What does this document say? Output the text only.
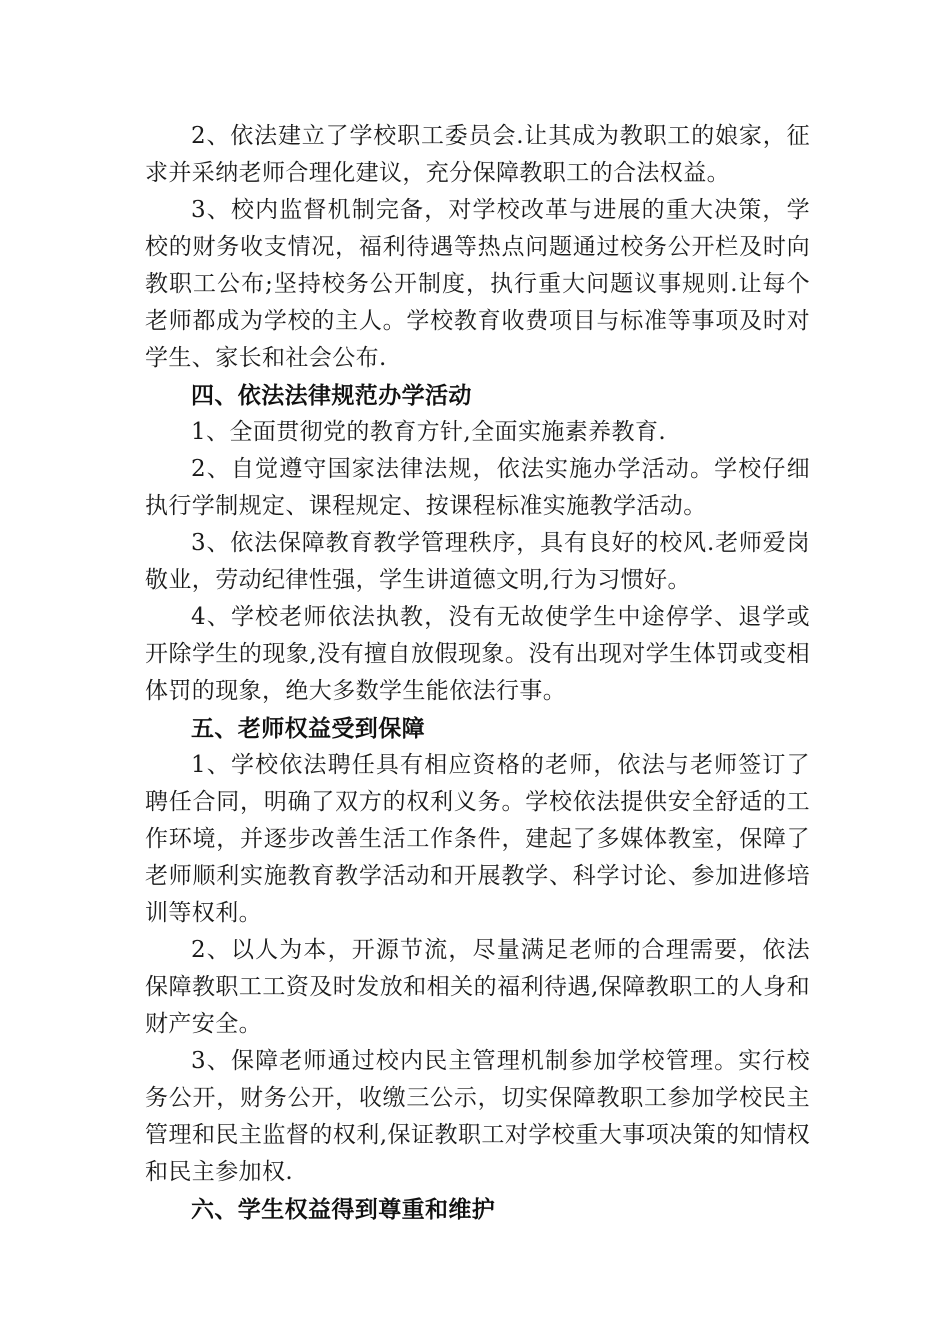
2、依法建立了学校职工委员会.让其成为教职工的娘家，征求并采纳老师合理化建议，充分保障教职工的合法权益。

3、校内监督机制完备，对学校改革与进展的重大决策，学校的财务收支情况，福利待遇等热点问题通过校务公开栏及时向教职工公布;坚持校务公开制度，执行重大问题议事规则.让每个老师都成为学校的主人。学校教育收费项目与标准等事项及时对学生、家长和社会公布.

四、依法法律规范办学活动

1、全面贯彻党的教育方针,全面实施素养教育.

2、自觉遵守国家法律法规，依法实施办学活动。学校仔细执行学制规定、课程规定、按课程标准实施教学活动。

3、依法保障教育教学管理秩序，具有良好的校风.老师爱岗敬业，劳动纪律性强，学生讲道德文明,行为习惯好。

4、学校老师依法执教，没有无故使学生中途停学、退学或开除学生的现象,没有擅自放假现象。没有出现对学生体罚或变相体罚的现象，绝大多数学生能依法行事。

五、老师权益受到保障

1、学校依法聘任具有相应资格的老师，依法与老师签订了聘任合同，明确了双方的权利义务。学校依法提供安全舒适的工作环境，并逐步改善生活工作条件，建起了多媒体教室，保障了老师顺利实施教育教学活动和开展教学、科学讨论、参加进修培训等权利。

2、以人为本，开源节流，尽量满足老师的合理需要，依法保障教职工工资及时发放和相关的福利待遇,保障教职工的人身和财产安全。

3、保障老师通过校内民主管理机制参加学校管理。实行校务公开，财务公开，收缴三公示，切实保障教职工参加学校民主管理和民主监督的权利,保证教职工对学校重大事项决策的知情权和民主参加权.

六、学生权益得到尊重和维护
